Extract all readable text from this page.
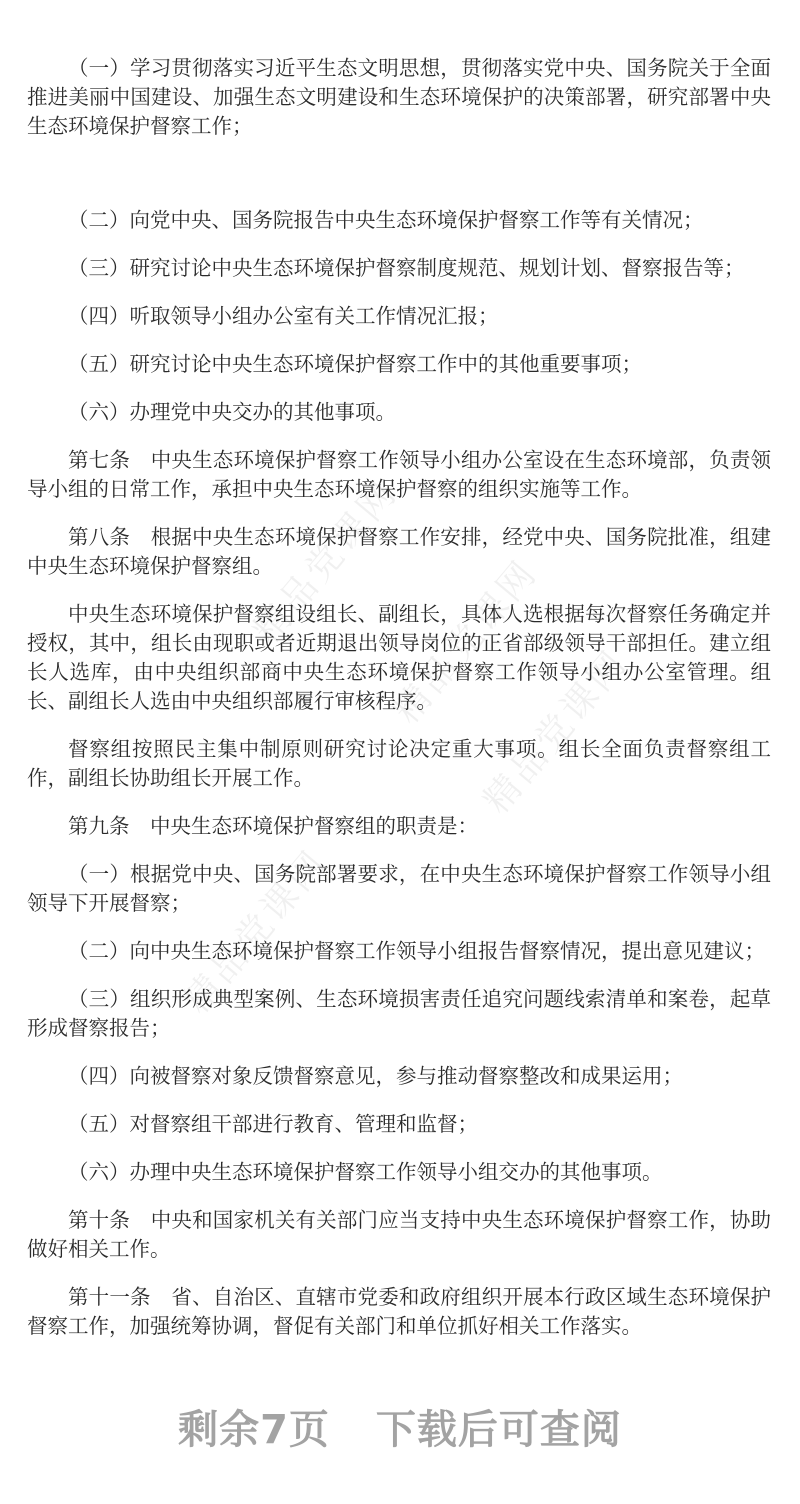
（一）学习贯彻落实习近平生态文明思想，贯彻落实党中央、国务院关于全面推进美丽中国建设、加强生态文明建设和生态环境保护的决策部署，研究部署中央生态环境保护督察工作；

（二）向党中央、国务院报告中央生态环境保护督察工作等有关情况；

（三）研究讨论中央生态环境保护督察制度规范、规划计划、督察报告等；

（四）听取领导小组办公室有关工作情况汇报；

（五）研究讨论中央生态环境保护督察工作中的其他重要事项；

（六）办理党中央交办的其他事项。

第七条　中央生态环境保护督察工作领导小组办公室设在生态环境部，负责领导小组的日常工作，承担中央生态环境保护督察的组织实施等工作。

第八条　根据中央生态环境保护督察工作安排，经党中央、国务院批准，组建中央生态环境保护督察组。

中央生态环境保护督察组设组长、副组长，具体人选根据每次督察任务确定并授权，其中，组长由现职或者近期退出领导岗位的正省部级领导干部担任。建立组长人选库，由中央组织部商中央生态环境保护督察工作领导小组办公室管理。组长、副组长人选由中央组织部履行审核程序。

督察组按照民主集中制原则研究讨论决定重大事项。组长全面负责督察组工作，副组长协助组长开展工作。

第九条　中央生态环境保护督察组的职责是：

（一）根据党中央、国务院部署要求，在中央生态环境保护督察工作领导小组领导下开展督察；

（二）向中央生态环境保护督察工作领导小组报告督察情况，提出意见建议；

（三）组织形成典型案例、生态环境损害责任追究问题线索清单和案卷，起草形成督察报告；

（四）向被督察对象反馈督察意见，参与推动督察整改和成果运用；

（五）对督察组干部进行教育、管理和监督；

（六）办理中央生态环境保护督察工作领导小组交办的其他事项。

第十条　中央和国家机关有关部门应当支持中央生态环境保护督察工作，协助做好相关工作。

第十一条　省、自治区、直辖市党委和政府组织开展本行政区域生态环境保护督察工作，加强统筹协调，督促有关部门和单位抓好相关工作落实。

精品党课网
精品党课网
精品党课网
精品党课网
剩余7页 下载后可查阅
